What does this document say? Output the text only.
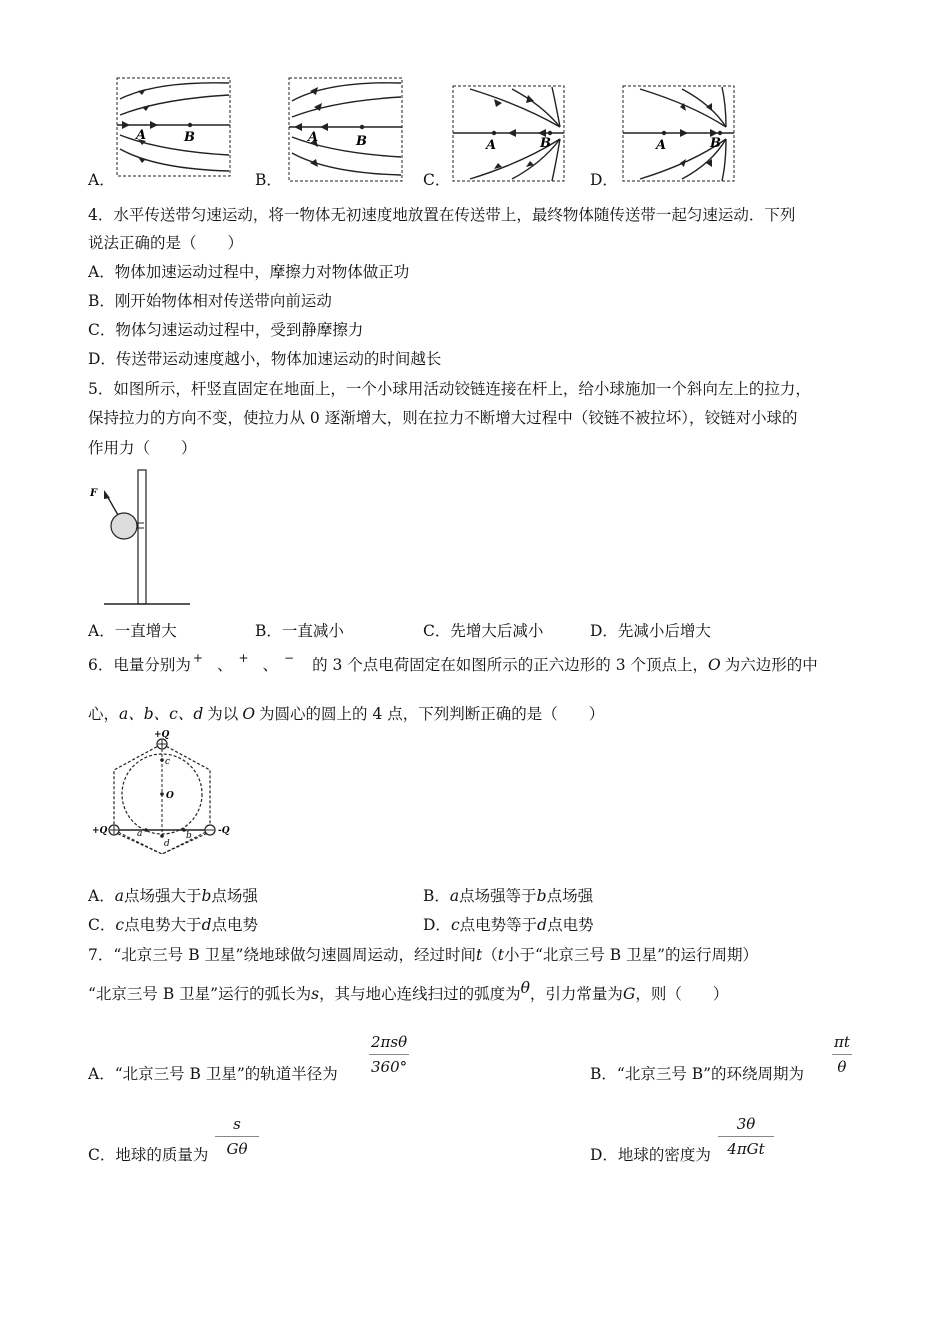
A	B	A	B	A	B	A	B
A．	B．	C．	D．
4．水平传送带匀速运动，将一物体无初速度地放置在传送带上，最终物体随传送带一起匀速运动．下列
说法正确的是（　　）
A．物体加速运动过程中，摩擦力对物体做正功
B．刚开始物体相对传送带向前运动
C．物体匀速运动过程中，受到静摩擦力
D．传送带运动速度越小，物体加速运动的时间越长
5．如图所示，杆竖直固定在地面上，一个小球用活动铰链连接在杆上，给小球施加一个斜向左上的拉力，
保持拉力的方向不变，使拉力从 0 逐渐增大，则在拉力不断增大过程中（铰链不被拉坏），铰链对小球的
作用力（　　）
F
A．一直增大	B．一直减小	C．先增大后减小	D．先减小后增大
6．电量分别为 + 、 + 、 − 的 3 个点电荷固定在如图所示的正六边形的 3 个顶点上，O 为六边形的中
心，a、b、c、d 为以 O 为圆心的圆上的 4 点，下列判断正确的是（　　）
+Q
+Q	-Q
O
a	b
c
d
A．a点场强大于b点场强	B．a点场强等于b点场强
C．c点电势大于d点电势	D．c点电势等于d点电势
7．“北京三号 B 卫星”绕地球做匀速圆周运动，经过时间t（t小于“北京三号 B 卫星”的运行周期）
“北京三号 B 卫星”运行的弧长为s，其与地心连线扫过的弧度为θ，引力常量为G，则（　　）
A．“北京三号 B 卫星”的轨道半径为
2πsθ
360°	B．“北京三号 B”的环绕周期为
πt
θ
C．地球的质量为
s
Gθ	D．地球的密度为
3θ
4πGt
